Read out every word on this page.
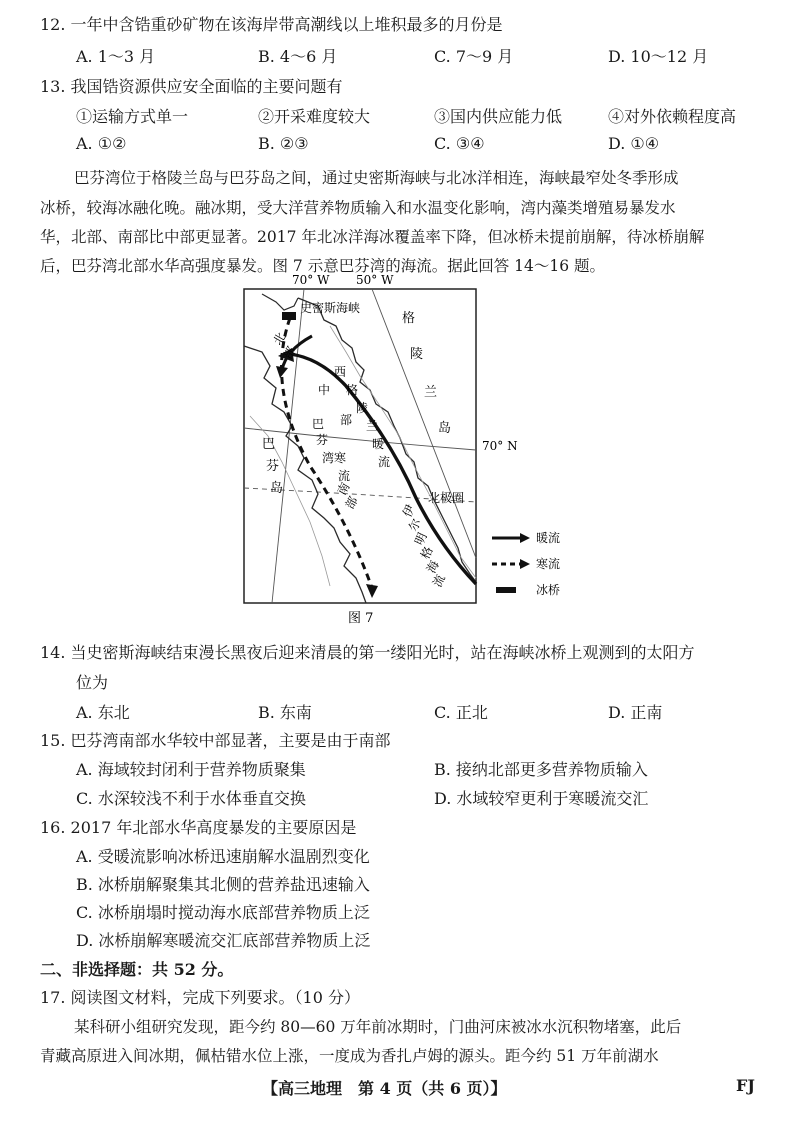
12. 一年中含锆重砂矿物在该海岸带高潮线以上堆积最多的月份是
A. 1～3 月	B. 4～6 月	C. 7～9 月	D. 10～12 月
13. 我国锆资源供应安全面临的主要问题有
①运输方式单一	②开采难度较大	③国内供应能力低	④对外依赖程度高
A. ①②	B. ②③	C. ③④	D. ①④
巴芬湾位于格陵兰岛与巴芬岛之间，通过史密斯海峡与北冰洋相连，海峡最窄处冬季形成
冰桥，较海冰融化晚。融冰期，受大洋营养物质输入和水温变化影响，湾内藻类增殖易暴发水
华，北部、南部比中部更显著。2017 年北冰洋海冰覆盖率下降，但冰桥未提前崩解，待冰桥崩解
后，巴芬湾北部水华高强度暴发。图 7 示意巴芬湾的海流。据此回答 14～16 题。
70° W 50° W
70° N
北极圈
史密斯海峡
格
陵
兰
岛
西
格
陵
兰
暖
流
北
部
中
部
寒
流
巴
芬
湾
南
部
巴
芬
岛
伊
尔
明
格
海
流
暖流
寒流
冰桥
图 7
14. 当史密斯海峡结束漫长黑夜后迎来清晨的第一缕阳光时，站在海峡冰桥上观测到的太阳方
位为
A. 东北	B. 东南	C. 正北	D. 正南
15. 巴芬湾南部水华较中部显著，主要是由于南部
A. 海域较封闭利于营养物质聚集	B. 接纳北部更多营养物质输入
C. 水深较浅不利于水体垂直交换	D. 水域较窄更利于寒暖流交汇
16. 2017 年北部水华高度暴发的主要原因是
A. 受暖流影响冰桥迅速崩解水温剧烈变化
B. 冰桥崩解聚集其北侧的营养盐迅速输入
C. 冰桥崩塌时搅动海水底部营养物质上泛
D. 冰桥崩解寒暖流交汇底部营养物质上泛
二、非选择题：共 52 分。
17. 阅读图文材料，完成下列要求。（10 分）
某科研小组研究发现，距今约 80—60 万年前冰期时，门曲河床被冰水沉积物堵塞，此后
青藏高原进入间冰期，佩枯错水位上涨，一度成为香扎卢姆的源头。距今约 51 万年前湖水
【高三地理　第 4 页（共 6 页）】	FJ
